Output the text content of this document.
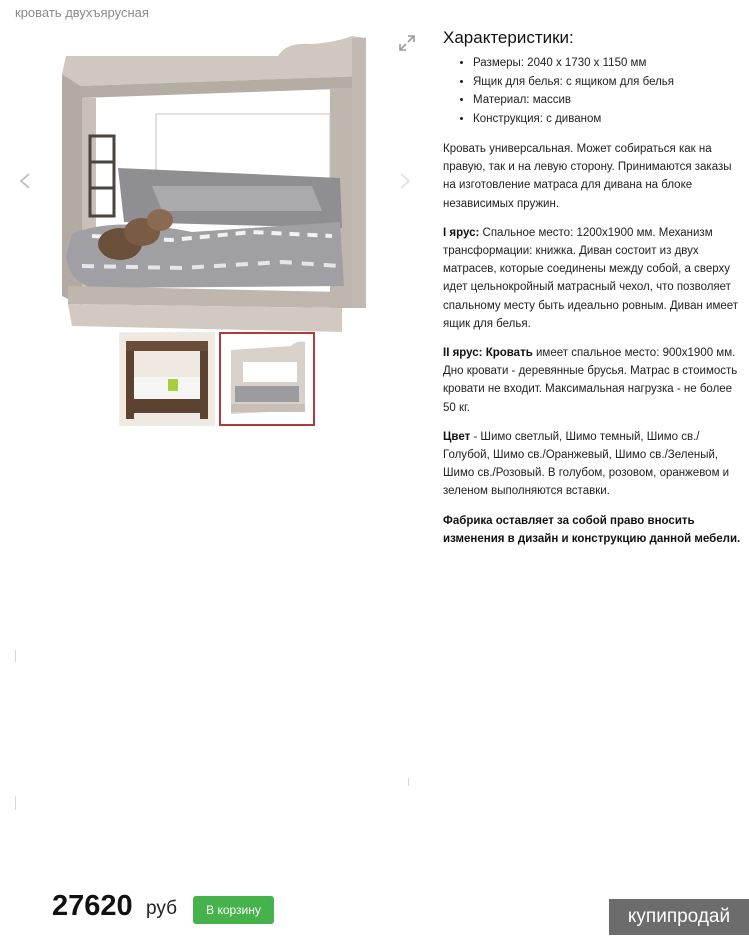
кровать двухъярусная
Характеристики:
• Размеры: 2040 х 1730 х 1150 мм
• Ящик для белья: с ящиком для белья
• Материал: массив
• Конструкция: с диваном

Кровать универсальная. Может собираться как на правую, так и на левую сторону. Принимаются заказы на изготовление матраса для дивана на блоке независимых пружин.

I ярус: Спальное место: 1200x1900 мм. Механизм трансформации: книжка. Диван состоит из двух матрасев, которые соединены между собой, а сверху идет цельнокройный матрасный чехол, что позволяет спальному месту быть идеально ровным. Диван имеет ящик для белья.

II ярус: Кровать имеет спальное место: 900x1900 мм. Дно кровати - деревянные брусья. Матрас в стоимость кровати не входит. Максимальная нагрузка - не более 50 кг.

Цвет - Шимо светлый, Шимо темный, Шимо св./Голубой, Шимо св./Оранжевый, Шимо св./Зеленый, Шимо св./Розовый. В голубом, розовом, оранжевом и зеленом выполняются вставки.

Фабрика оставляет за собой право вносить изменения в дизайн и конструкцию данной мебели.

27620 руб	В корзину	купипродай
